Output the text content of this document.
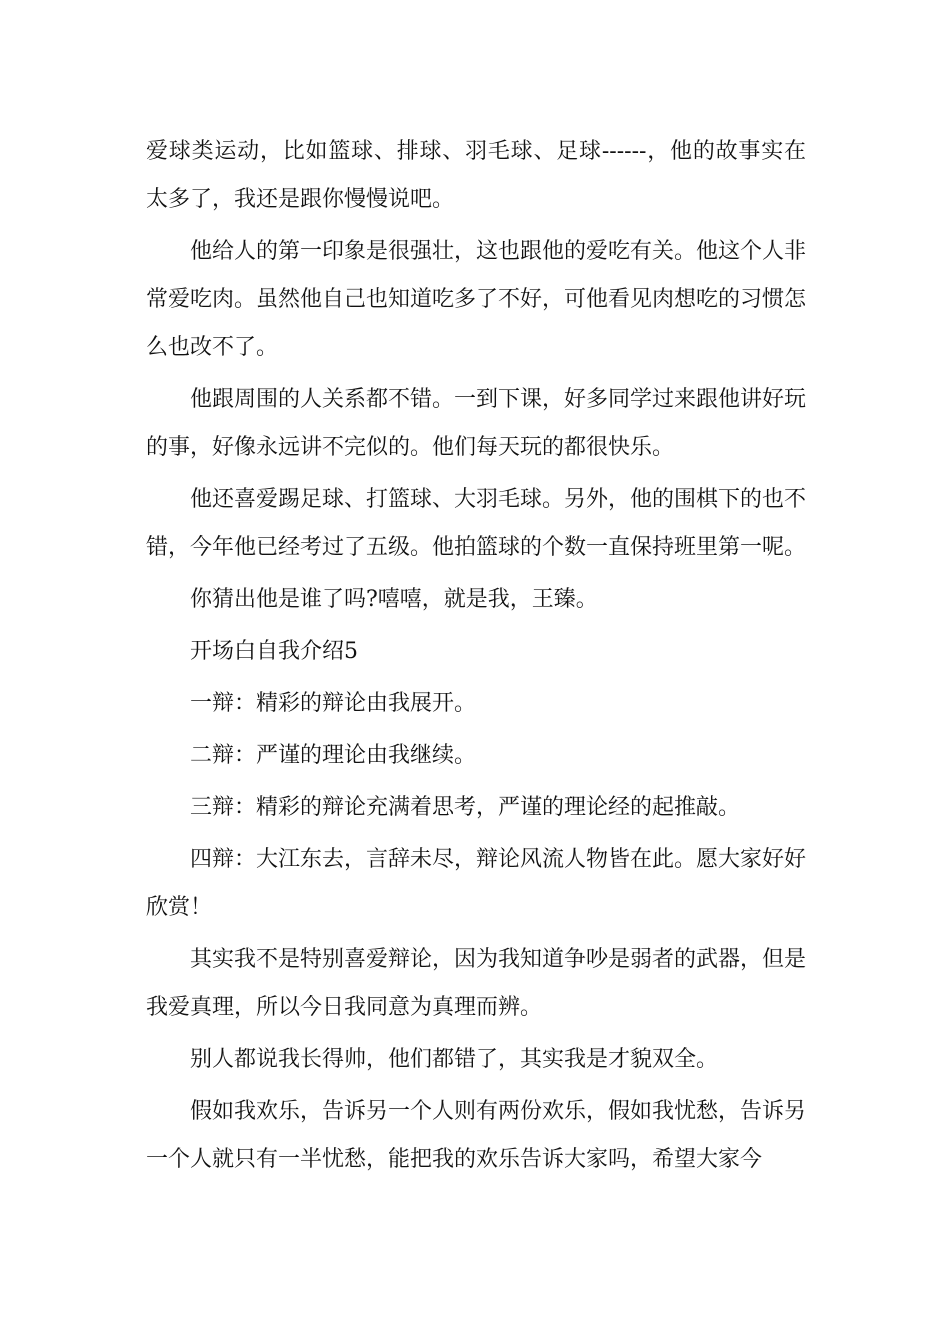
爱球类运动，比如篮球、排球、羽毛球、足球------，他的故事实在太多了，我还是跟你慢慢说吧。

他给人的第一印象是很强壮，这也跟他的爱吃有关。他这个人非常爱吃肉。虽然他自己也知道吃多了不好，可他看见肉想吃的习惯怎么也改不了。

他跟周围的人关系都不错。一到下课，好多同学过来跟他讲好玩的事，好像永远讲不完似的。他们每天玩的都很快乐。

他还喜爱踢足球、打篮球、大羽毛球。另外，他的围棋下的也不错，今年他已经考过了五级。他拍篮球的个数一直保持班里第一呢。

你猜出他是谁了吗?嘻嘻，就是我，王臻。

开场白自我介绍5

一辩：精彩的辩论由我展开。

二辩：严谨的理论由我继续。

三辩：精彩的辩论充满着思考，严谨的理论经的起推敲。

四辩：大江东去，言辞未尽，辩论风流人物皆在此。愿大家好好欣赏！

其实我不是特别喜爱辩论，因为我知道争吵是弱者的武器，但是我爱真理，所以今日我同意为真理而辨。

别人都说我长得帅，他们都错了，其实我是才貌双全。

假如我欢乐，告诉另一个人则有两份欢乐，假如我忧愁，告诉另一个人就只有一半忧愁，能把我的欢乐告诉大家吗，希望大家今
